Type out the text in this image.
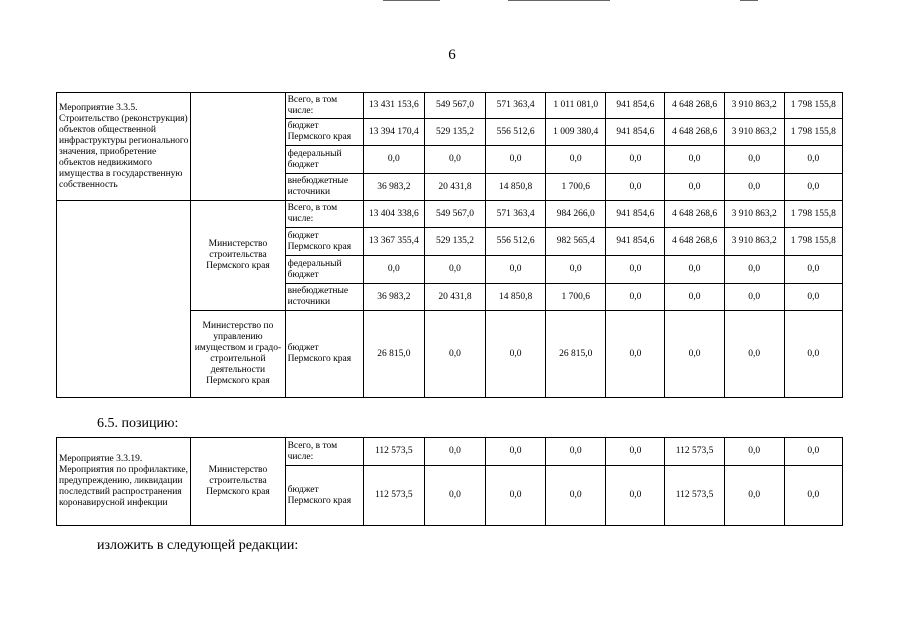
6
Мероприятие 3.3.5. Строительство (реконструкция) объектов общественной инфраструктуры регионального значения, приобретение объектов недвижимого имущества в государственную собственность		Всего, в том числе:	13 431 153,6	549 567,0	571 363,4	1 011 081,0	941 854,6	4 648 268,6	3 910 863,2	1 798 155,8
		бюджет Пермского края	13 394 170,4	529 135,2	556 512,6	1 009 380,4	941 854,6	4 648 268,6	3 910 863,2	1 798 155,8
		федеральный бюджет	0,0	0,0	0,0	0,0	0,0	0,0	0,0	0,0
		внебюджетные источники	36 983,2	20 431,8	14 850,8	1 700,6	0,0	0,0	0,0	0,0
	Министерство строительства Пермского края	Всего, в том числе:	13 404 338,6	549 567,0	571 363,4	984 266,0	941 854,6	4 648 268,6	3 910 863,2	1 798 155,8
		бюджет Пермского края	13 367 355,4	529 135,2	556 512,6	982 565,4	941 854,6	4 648 268,6	3 910 863,2	1 798 155,8
		федеральный бюджет	0,0	0,0	0,0	0,0	0,0	0,0	0,0	0,0
		внебюджетные источники	36 983,2	20 431,8	14 850,8	1 700,6	0,0	0,0	0,0	0,0
	Министерство по управлению имуществом и градо-строительной деятельности Пермского края	бюджет Пермского края	26 815,0	0,0	0,0	26 815,0	0,0	0,0	0,0	0,0
6.5. позицию:
Мероприятие 3.3.19. Мероприятия по профилактике, предупреждению, ликвидации последствий распространения коронавирусной инфекции	Министерство строительства Пермского края	Всего, в том числе:	112 573,5	0,0	0,0	0,0	0,0	112 573,5	0,0	0,0
		бюджет Пермского края	112 573,5	0,0	0,0	0,0	0,0	112 573,5	0,0	0,0
изложить в следующей редакции:
